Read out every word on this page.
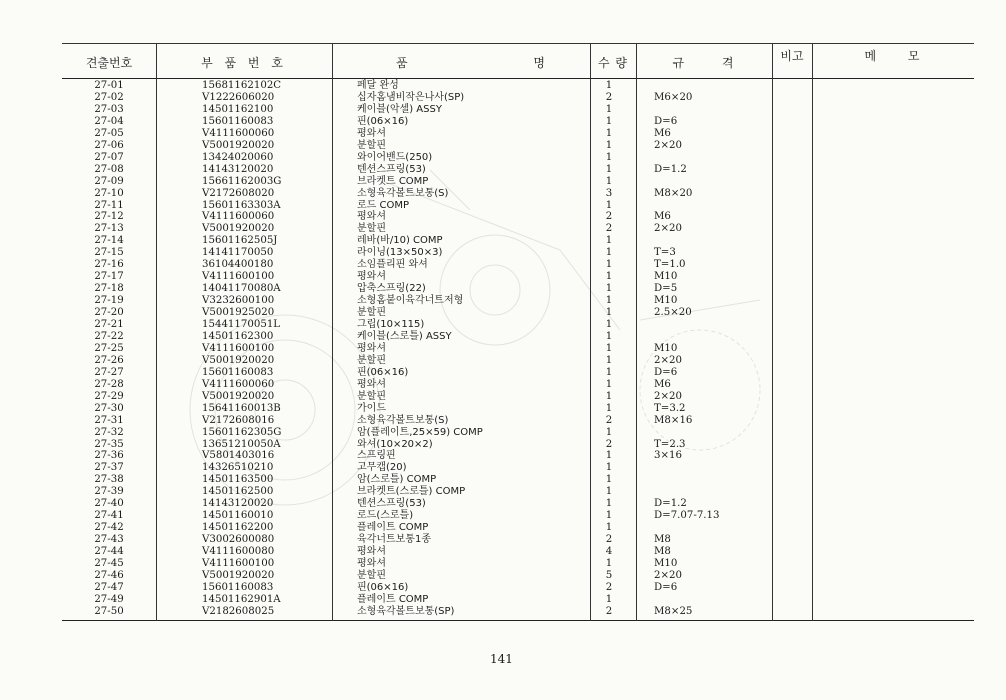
견출번호	부 품 번 호	품 명	수 량	규 격	비고	메 모
27-01	15681162102C	페달 완성	1
27-02	V1222606020	십자홈냄비작은나사(SP)	2	M6×20
27-03	14501162100	케이블(악셀) ASSY	1
27-04	15601160083	핀(06×16)	1	D=6
27-05	V4111600060	평와셔	1	M6
27-06	V5001920020	분할핀	1	2×20
27-07	13424020060	와이어밴드(250)	1
27-08	14143120020	텐션스프링(53)	1	D=1.2
27-09	15661162003G	브라켓트 COMP	1
27-10	V2172608020	소형육각볼트보통(S)	3	M8×20
27-11	15601163303A	로드 COMP	1
27-12	V4111600060	평와셔	2	M6
27-13	V5001920020	분할핀	2	2×20
27-14	15601162505J	레바(바/10) COMP	1
27-15	14141170050	라이닝(13×50×3)	1	T=3
27-16	36104400180	소임플리핀 와셔	1	T=1.0
27-17	V4111600100	평와셔	1	M10
27-18	14041170080A	압축스프링(22)	1	D=5
27-19	V3232600100	소형홈붙이육각너트저형	1	M10
27-20	V5001925020	분할핀	1	2.5×20
27-21	15441170051L	그립(10×115)	1
27-22	14501162300	케이블(스로틀) ASSY	1
27-25	V4111600100	평와셔	1	M10
27-26	V5001920020	분할핀	1	2×20
27-27	15601160083	핀(06×16)	1	D=6
27-28	V4111600060	평와셔	1	M6
27-29	V5001920020	분할핀	1	2×20
27-30	15641160013B	가이드	1	T=3.2
27-31	V2172608016	소형육각볼트보통(S)	2	M8×16
27-32	15601162305G	암(플레이트,25×59) COMP	1
27-35	13651210050A	와셔(10×20×2)	2	T=2.3
27-36	V5801403016	스프링핀	1	3×16
27-37	14326510210	고무캡(20)	1
27-38	14501163500	암(스로틀) COMP	1
27-39	14501162500	브라켓트(스로틀) COMP	1
27-40	14143120020	텐션스프링(53)	1	D=1.2
27-41	14501160010	로드(스로틀)	1	D=7.07-7.13
27-42	14501162200	플레이트 COMP	1
27-43	V3002600080	육각너트보통1종	2	M8
27-44	V4111600080	평와셔	4	M8
27-45	V4111600100	평와셔	1	M10
27-46	V5001920020	분할핀	5	2×20
27-47	15601160083	핀(06×16)	2	D=6
27-49	14501162901A	플레이트 COMP	1
27-50	V2182608025	소형육각볼트보통(SP)	2	M8×25
141
